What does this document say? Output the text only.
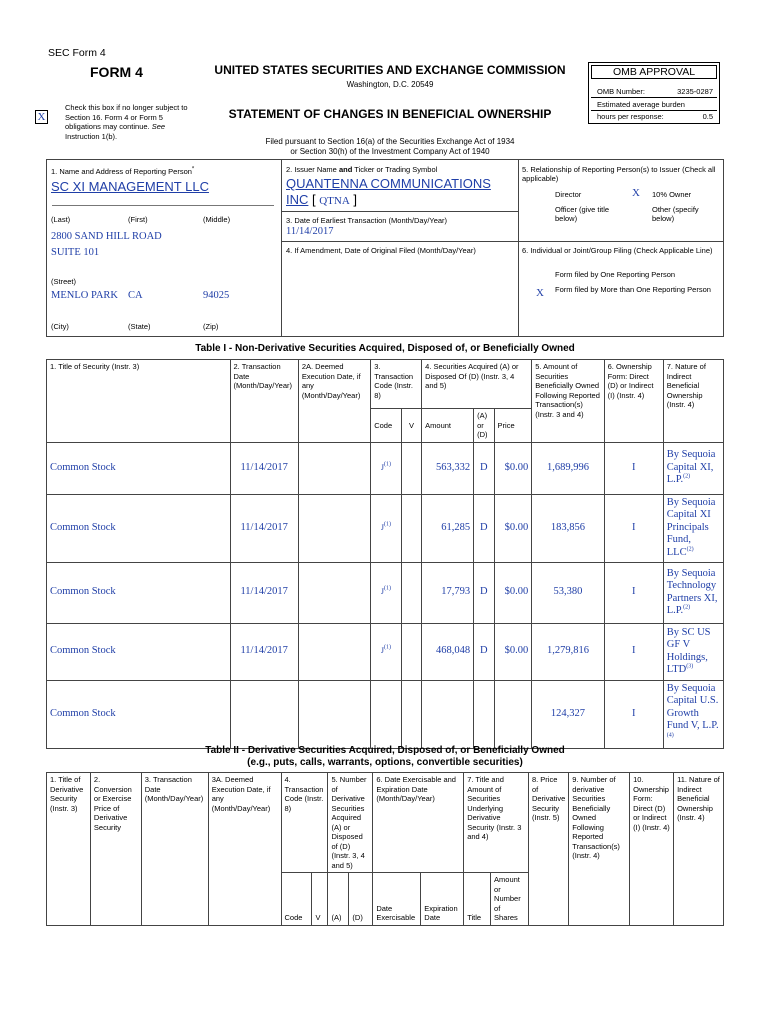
SEC Form 4
FORM 4	UNITED STATES SECURITIES AND EXCHANGE COMMISSION
Washington, D.C. 20549
X
Check this box if no longer subject to Section 16. Form 4 or Form 5 obligations may continue. See Instruction 1(b).
STATEMENT OF CHANGES IN BENEFICIAL OWNERSHIP
Filed pursuant to Section 16(a) of the Securities Exchange Act of 1934
or Section 30(h) of the Investment Company Act of 1940
OMB APPROVAL
OMB Number:	3235-0287
Estimated average burden
hours per response:	0.5
1. Name and Address of Reporting Person*
SC XI MANAGEMENT LLC
(Last)	(First)	(Middle)
2800 SAND HILL ROAD
SUITE 101
(Street)
MENLO PARK CA	94025
(City)	(State)	(Zip)
2. Issuer Name and Ticker or Trading Symbol
QUANTENNA COMMUNICATIONS
INC [ QTNA ]
3. Date of Earliest Transaction (Month/Day/Year)
11/14/2017
4. If Amendment, Date of Original Filed (Month/Day/Year)
5. Relationship of Reporting Person(s) to Issuer (Check all applicable)
Director	X 10% Owner
Officer (give title below)
Other (specify below)
6. Individual or Joint/Group Filing (Check Applicable Line)
Form filed by One Reporting Person
X Form filed by More than One Reporting Person
Table I - Non-Derivative Securities Acquired, Disposed of, or Beneficially Owned
1. Title of Security (Instr. 3)	2. Transaction Date (Month/Day/Year)	2A. Deemed Execution Date, if any (Month/Day/Year)	3. Transaction Code (Instr. 8)		4. Securities Acquired (A) or Disposed Of (D) (Instr. 3, 4 and 5)			5. Amount of Securities Beneficially Owned Following Reported Transaction(s) (Instr. 3 and 4)	6. Ownership Form: Direct (D) or Indirect (I) (Instr. 4)	7. Nature of Indirect Beneficial Ownership (Instr. 4)
			Code	V	Amount	(A) or (D)	Price			
Common Stock	11/14/2017		$J^{(1)}$		563,332	D	$0.00	1,689,996	I	By Sequoia Capital XI, L.P.$^{(2)}$
Common Stock	11/14/2017		$J^{(1)}$		61,285	D	$0.00	183,856	I	By Sequoia Capital XI Principals Fund, LLC$^{(2)}$
Common Stock	11/14/2017		$J^{(1)}$		17,793	D	$0.00	53,380	I	By Sequoia Technology Partners XI, L.P.$^{(2)}$
Common Stock	11/14/2017		$J^{(1)}$		468,048	D	$0.00	1,279,816	I	By SC US GF V Holdings, LTD$^{(3)}$
Common Stock								124,327	I	By Sequoia Capital U.S. Growth Fund V, L.P.$^{(4)}$
Table II - Derivative Securities Acquired, Disposed of, or Beneficially Owned
(e.g., puts, calls, warrants, options, convertible securities)
1. Title of Derivative Security (Instr. 3)	2. Conversion or Exercise Price of Derivative Security	3. Transaction Date (Month/Day/Year)	3A. Deemed Execution Date, if any (Month/Day/Year)	4. Transaction Code (Instr. 8)		5. Number of Derivative Securities Acquired (A) or Disposed of (D) (Instr. 3, 4 and 5)		6. Date Exercisable and Expiration Date (Month/Day/Year)		7. Title and Amount of Securities Underlying Derivative Security (Instr. 3 and 4)		8. Price of Derivative Security (Instr. 5)	9. Number of derivative Securities Beneficially Owned Following Reported Transaction(s) (Instr. 4)	10. Ownership Form: Direct (D) or Indirect (I) (Instr. 4)	11. Nature of Indirect Beneficial Ownership (Instr. 4)
				Code	V	(A)	(D)	Date Exercisable	Expiration Date	Title	Amount or Number of Shares				
